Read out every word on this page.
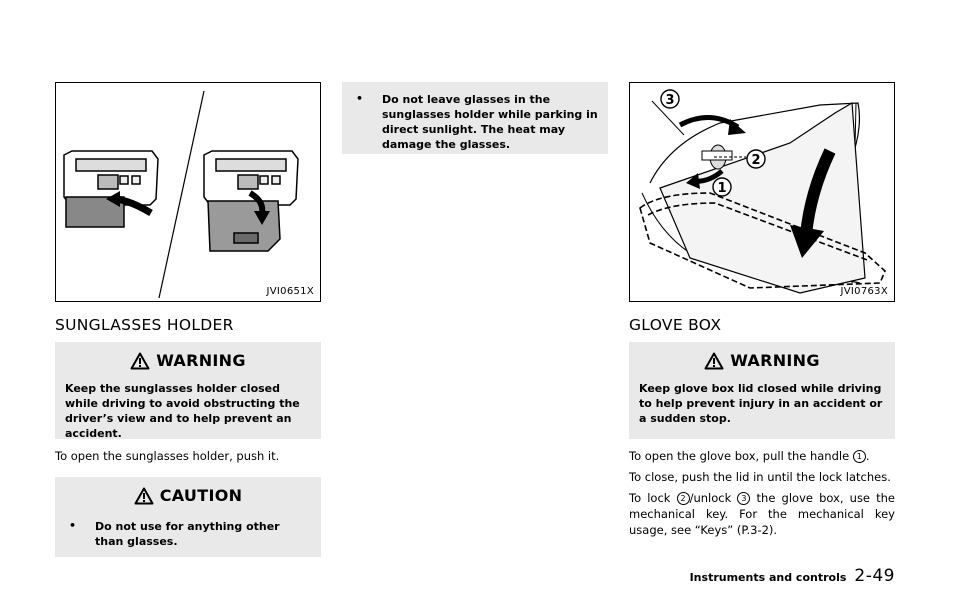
JVI0651X
SUNGLASSES HOLDER
WARNING
Keep the sunglasses holder closed while driving to avoid obstructing the driver’s view and to help prevent an accident.

To open the sunglasses holder, push it.

CAUTION
•	Do not use for anything other than glasses.
•	Do not leave glasses in the sunglasses holder while parking in direct sunlight. The heat may damage the glasses.
3
2
1
JVI0763X
GLOVE BOX
WARNING
Keep glove box lid closed while driving to help prevent injury in an accident or a sudden stop.

To open the glove box, pull the handle 1 .

To close, push the lid in until the lock latches.

To lock 2 /unlock 3 the glove box, use the mechanical key. For the mechanical key usage, see “Keys” (P.3-2).

Instruments and controls 2-49
